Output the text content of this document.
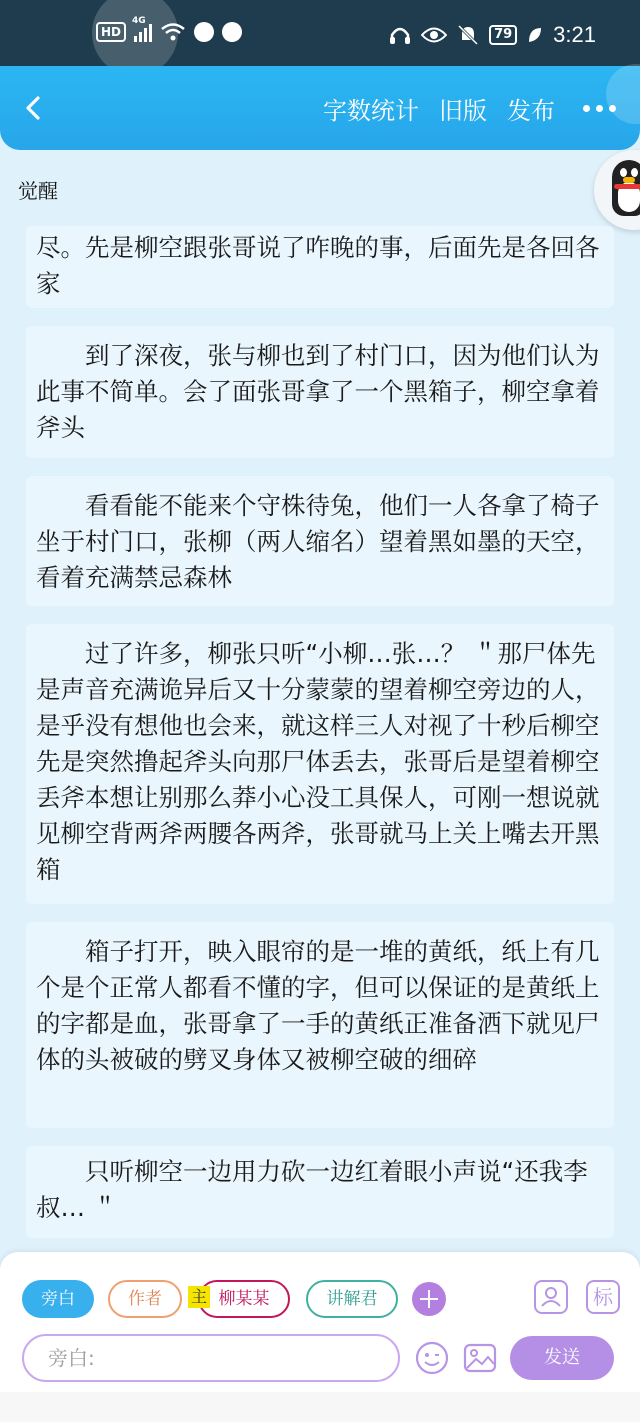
HD
4G
79 3:21
字数统计 旧版 发布
觉醒

尽。先是柳空跟张哥说了咋晚的事，后面先是各回各家

到了深夜，张与柳也到了村门口，因为他们认为此事不简单。会了面张哥拿了一个黑箱子，柳空拿着斧头

看看能不能来个守株待兔，他们一人各拿了椅子坐于村门口，张柳（两人缩名）望着黑如墨的天空，看着充满禁忌森林

过了许多，柳张只听“小柳…张…？ ＂那尸体先是声音充满诡异后又十分蒙蒙的望着柳空旁边的人，是乎没有想他也会来，就这样三人对视了十秒后柳空先是突然撸起斧头向那尸体丢去，张哥后是望着柳空丢斧本想让别那么莽小心没工具保人，可刚一想说就见柳空背两斧两腰各两斧，张哥就马上关上嘴去开黑箱

箱子打开，映入眼帘的是一堆的黄纸，纸上有几个是个正常人都看不懂的字，但可以保证的是黄纸上的字都是血，张哥拿了一手的黄纸正准备洒下就见尸体的头被破的劈叉身体又被柳空破的细碎

只听柳空一边用力砍一边红着眼小声说“还我李叔… ＂

旁白	作者	柳某某
主	讲解君	标
旁白:
发送
